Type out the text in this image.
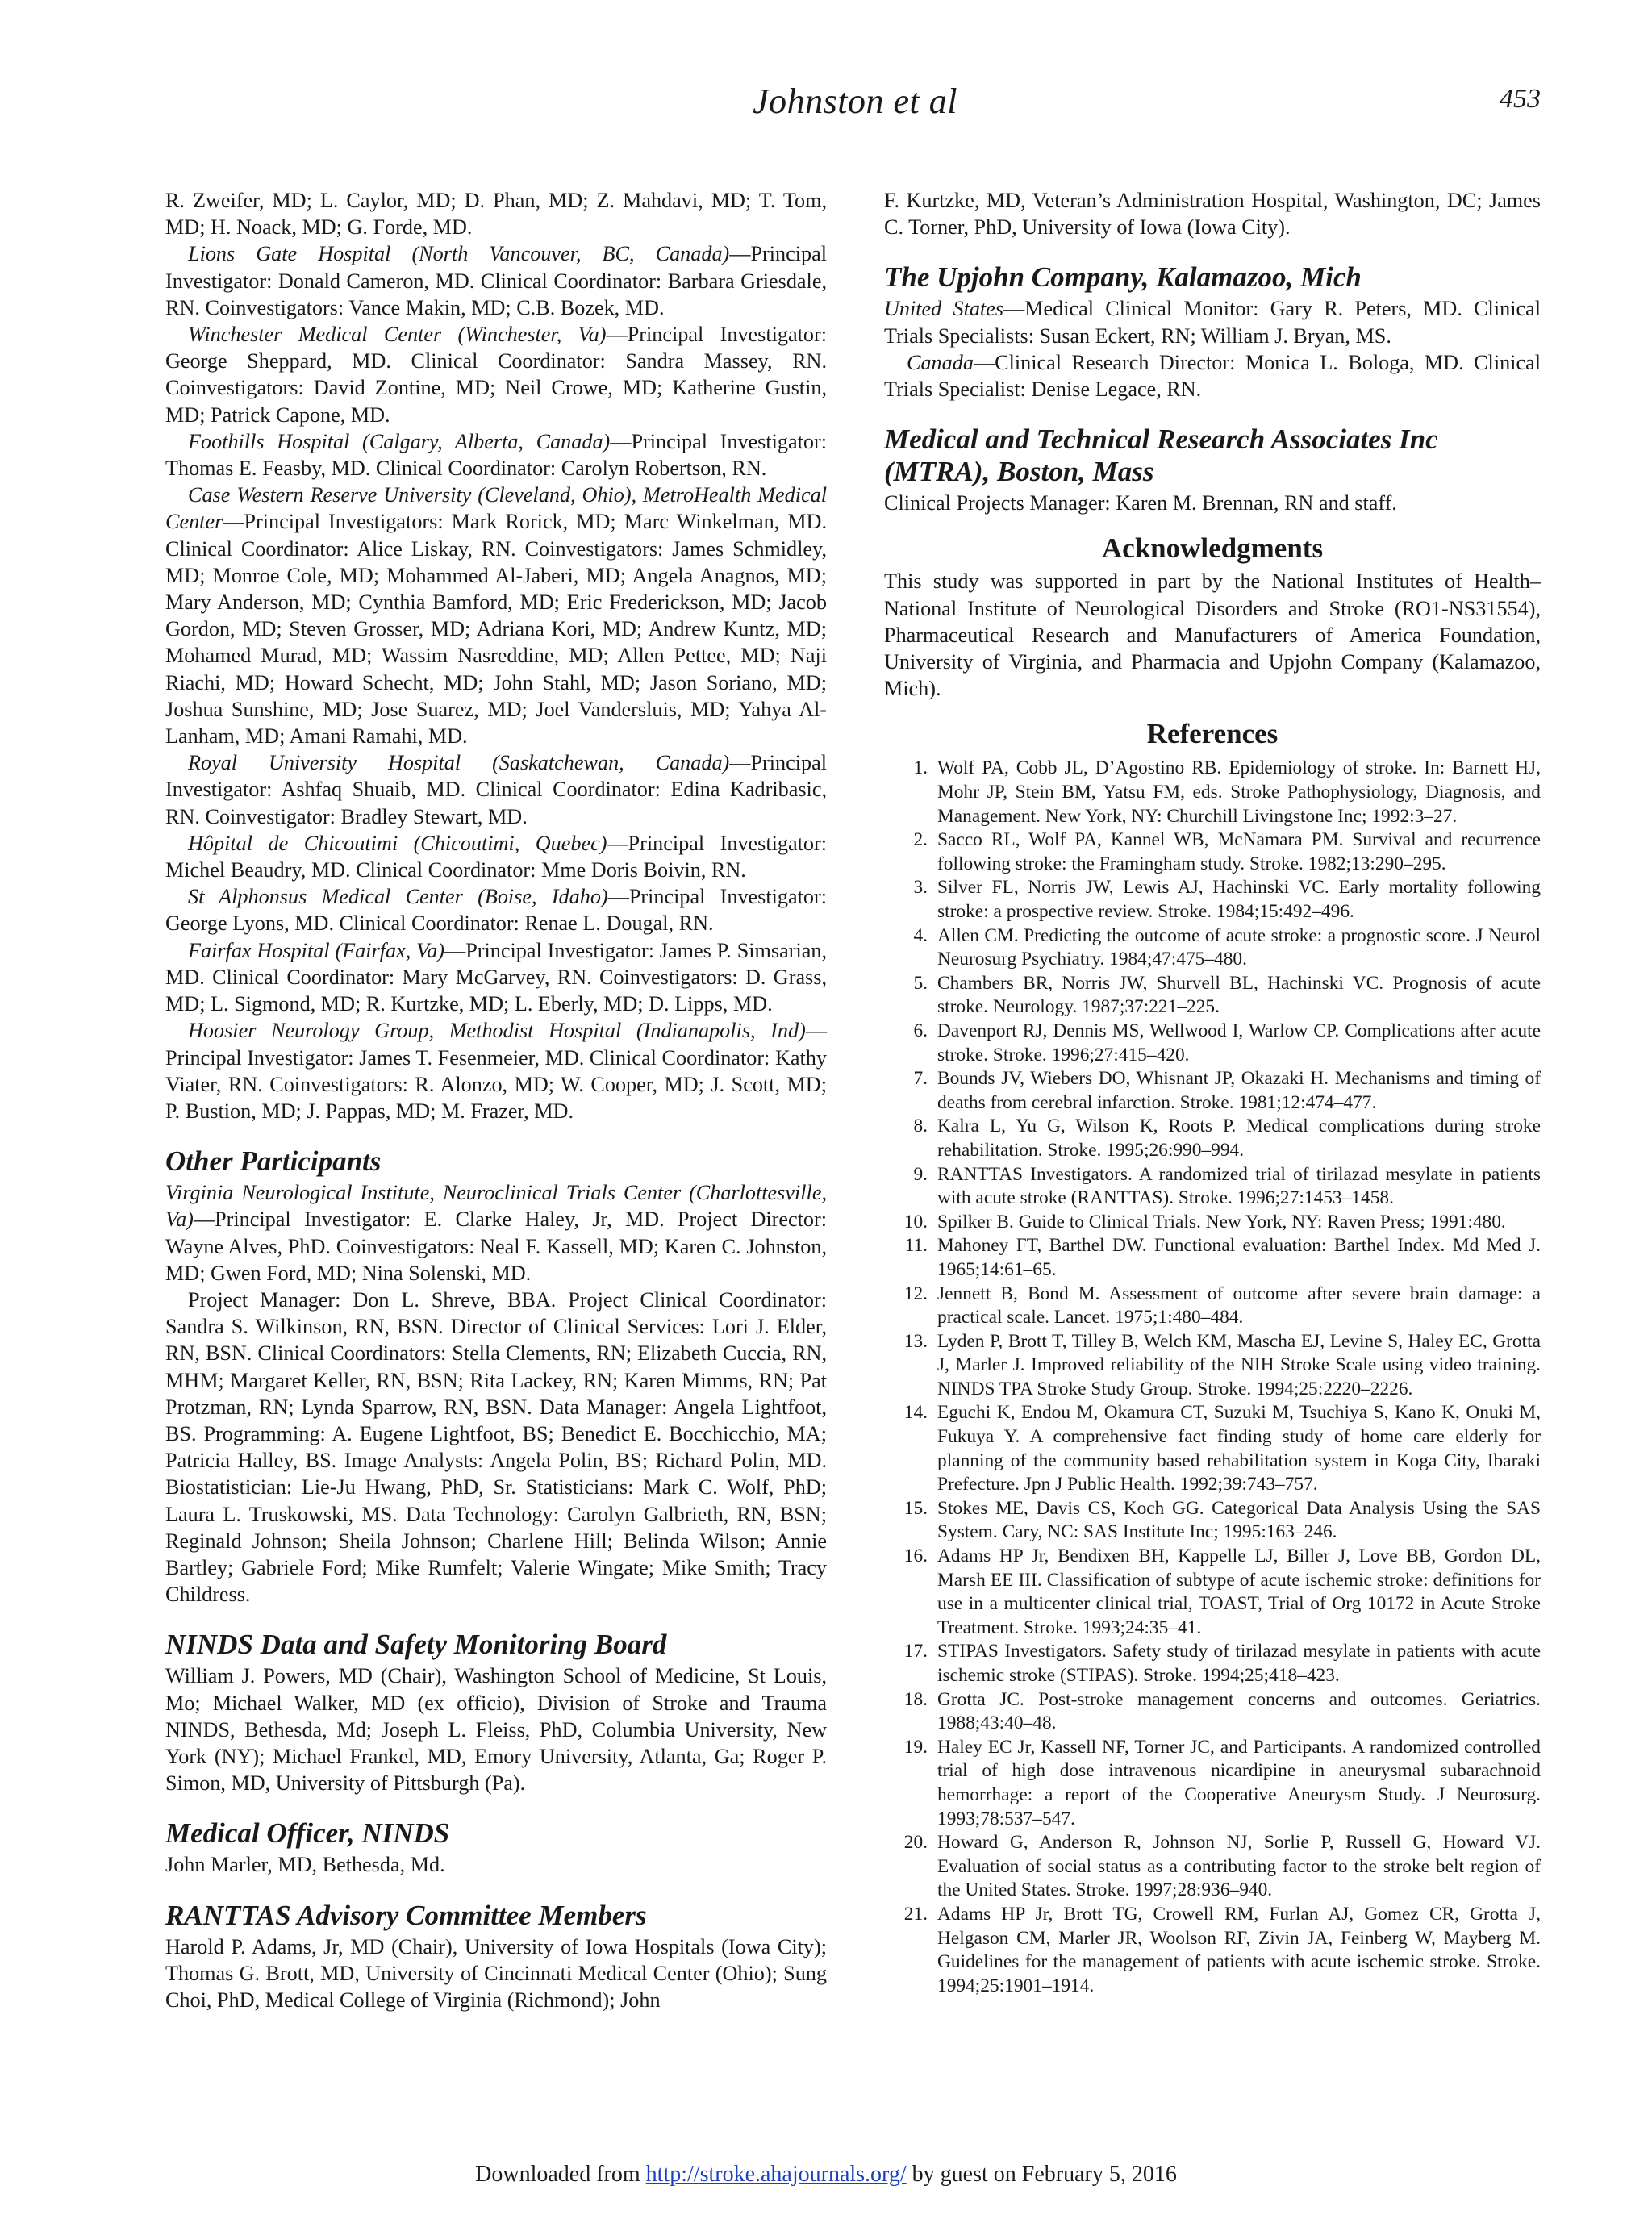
Johnston et al	453

R. Zweifer, MD; L. Caylor, MD; D. Phan, MD; Z. Mahdavi, MD; T. Tom, MD; H. Noack, MD; G. Forde, MD.

Lions Gate Hospital (North Vancouver, BC, Canada)—Principal Investigator: Donald Cameron, MD. Clinical Coordinator: Barbara Griesdale, RN. Coinvestigators: Vance Makin, MD; C.B. Bozek, MD.

Winchester Medical Center (Winchester, Va)—Principal Investigator: George Sheppard, MD. Clinical Coordinator: Sandra Massey, RN. Coinvestigators: David Zontine, MD; Neil Crowe, MD; Katherine Gustin, MD; Patrick Capone, MD.

Foothills Hospital (Calgary, Alberta, Canada)—Principal Investigator: Thomas E. Feasby, MD. Clinical Coordinator: Carolyn Robertson, RN.

Case Western Reserve University (Cleveland, Ohio), MetroHealth Medical Center—Principal Investigators: Mark Rorick, MD; Marc Winkelman, MD. Clinical Coordinator: Alice Liskay, RN. Coinvestigators: James Schmidley, MD; Monroe Cole, MD; Mohammed Al-Jaberi, MD; Angela Anagnos, MD; Mary Anderson, MD; Cynthia Bamford, MD; Eric Frederickson, MD; Jacob Gordon, MD; Steven Grosser, MD; Adriana Kori, MD; Andrew Kuntz, MD; Mohamed Murad, MD; Wassim Nasreddine, MD; Allen Pettee, MD; Naji Riachi, MD; Howard Schecht, MD; John Stahl, MD; Jason Soriano, MD; Joshua Sunshine, MD; Jose Suarez, MD; Joel Vandersluis, MD; Yahya Al-Lanham, MD; Amani Ramahi, MD.

Royal University Hospital (Saskatchewan, Canada)—Principal Investigator: Ashfaq Shuaib, MD. Clinical Coordinator: Edina Kadribasic, RN. Coinvestigator: Bradley Stewart, MD.

Hôpital de Chicoutimi (Chicoutimi, Quebec)—Principal Investigator: Michel Beaudry, MD. Clinical Coordinator: Mme Doris Boivin, RN.

St Alphonsus Medical Center (Boise, Idaho)—Principal Investigator: George Lyons, MD. Clinical Coordinator: Renae L. Dougal, RN.

Fairfax Hospital (Fairfax, Va)—Principal Investigator: James P. Simsarian, MD. Clinical Coordinator: Mary McGarvey, RN. Coinvestigators: D. Grass, MD; L. Sigmond, MD; R. Kurtzke, MD; L. Eberly, MD; D. Lipps, MD.

Hoosier Neurology Group, Methodist Hospital (Indianapolis, Ind)—Principal Investigator: James T. Fesenmeier, MD. Clinical Coordinator: Kathy Viater, RN. Coinvestigators: R. Alonzo, MD; W. Cooper, MD; J. Scott, MD; P. Bustion, MD; J. Pappas, MD; M. Frazer, MD.

Other Participants

Virginia Neurological Institute, Neuroclinical Trials Center (Charlottesville, Va)—Principal Investigator: E. Clarke Haley, Jr, MD. Project Director: Wayne Alves, PhD. Coinvestigators: Neal F. Kassell, MD; Karen C. Johnston, MD; Gwen Ford, MD; Nina Solenski, MD.

Project Manager: Don L. Shreve, BBA. Project Clinical Coordinator: Sandra S. Wilkinson, RN, BSN. Director of Clinical Services: Lori J. Elder, RN, BSN. Clinical Coordinators: Stella Clements, RN; Elizabeth Cuccia, RN, MHM; Margaret Keller, RN, BSN; Rita Lackey, RN; Karen Mimms, RN; Pat Protzman, RN; Lynda Sparrow, RN, BSN. Data Manager: Angela Lightfoot, BS. Programming: A. Eugene Lightfoot, BS; Benedict E. Bocchicchio, MA; Patricia Halley, BS. Image Analysts: Angela Polin, BS; Richard Polin, MD. Biostatistician: Lie-Ju Hwang, PhD, Sr. Statisticians: Mark C. Wolf, PhD; Laura L. Truskowski, MS. Data Technology: Carolyn Galbrieth, RN, BSN; Reginald Johnson; Sheila Johnson; Charlene Hill; Belinda Wilson; Annie Bartley; Gabriele Ford; Mike Rumfelt; Valerie Wingate; Mike Smith; Tracy Childress.

NINDS Data and Safety Monitoring Board

William J. Powers, MD (Chair), Washington School of Medicine, St Louis, Mo; Michael Walker, MD (ex officio), Division of Stroke and Trauma NINDS, Bethesda, Md; Joseph L. Fleiss, PhD, Columbia University, New York (NY); Michael Frankel, MD, Emory University, Atlanta, Ga; Roger P. Simon, MD, University of Pittsburgh (Pa).

Medical Officer, NINDS

John Marler, MD, Bethesda, Md.

RANTTAS Advisory Committee Members

Harold P. Adams, Jr, MD (Chair), University of Iowa Hospitals (Iowa City); Thomas G. Brott, MD, University of Cincinnati Medical Center (Ohio); Sung Choi, PhD, Medical College of Virginia (Richmond); John

F. Kurtzke, MD, Veteran’s Administration Hospital, Washington, DC; James C. Torner, PhD, University of Iowa (Iowa City).

The Upjohn Company, Kalamazoo, Mich

United States—Medical Clinical Monitor: Gary R. Peters, MD. Clinical Trials Specialists: Susan Eckert, RN; William J. Bryan, MS.

Canada—Clinical Research Director: Monica L. Bologa, MD. Clinical Trials Specialist: Denise Legace, RN.

Medical and Technical Research Associates Inc (MTRA), Boston, Mass

Clinical Projects Manager: Karen M. Brennan, RN and staff.

Acknowledgments

This study was supported in part by the National Institutes of Health–National Institute of Neurological Disorders and Stroke (RO1-NS31554), Pharmaceutical Research and Manufacturers of America Foundation, University of Virginia, and Pharmacia and Upjohn Company (Kalamazoo, Mich).

References
1. Wolf PA, Cobb JL, D’Agostino RB. Epidemiology of stroke. In: Barnett HJ, Mohr JP, Stein BM, Yatsu FM, eds. Stroke Pathophysiology, Diagnosis, and Management. New York, NY: Churchill Livingstone Inc; 1992:3–27.
2. Sacco RL, Wolf PA, Kannel WB, McNamara PM. Survival and recurrence following stroke: the Framingham study. Stroke. 1982;13:290–295.
3. Silver FL, Norris JW, Lewis AJ, Hachinski VC. Early mortality following stroke: a prospective review. Stroke. 1984;15:492–496.
4. Allen CM. Predicting the outcome of acute stroke: a prognostic score. J Neurol Neurosurg Psychiatry. 1984;47:475–480.
5. Chambers BR, Norris JW, Shurvell BL, Hachinski VC. Prognosis of acute stroke. Neurology. 1987;37:221–225.
6. Davenport RJ, Dennis MS, Wellwood I, Warlow CP. Complications after acute stroke. Stroke. 1996;27:415–420.
7. Bounds JV, Wiebers DO, Whisnant JP, Okazaki H. Mechanisms and timing of deaths from cerebral infarction. Stroke. 1981;12:474–477.
8. Kalra L, Yu G, Wilson K, Roots P. Medical complications during stroke rehabilitation. Stroke. 1995;26:990–994.
9. RANTTAS Investigators. A randomized trial of tirilazad mesylate in patients with acute stroke (RANTTAS). Stroke. 1996;27:1453–1458.
10. Spilker B. Guide to Clinical Trials. New York, NY: Raven Press; 1991:480.
11. Mahoney FT, Barthel DW. Functional evaluation: Barthel Index. Md Med J. 1965;14:61–65.
12. Jennett B, Bond M. Assessment of outcome after severe brain damage: a practical scale. Lancet. 1975;1:480–484.
13. Lyden P, Brott T, Tilley B, Welch KM, Mascha EJ, Levine S, Haley EC, Grotta J, Marler J. Improved reliability of the NIH Stroke Scale using video training. NINDS TPA Stroke Study Group. Stroke. 1994;25:2220–2226.
14. Eguchi K, Endou M, Okamura CT, Suzuki M, Tsuchiya S, Kano K, Onuki M, Fukuya Y. A comprehensive fact finding study of home care elderly for planning of the community based rehabilitation system in Koga City, Ibaraki Prefecture. Jpn J Public Health. 1992;39:743–757.
15. Stokes ME, Davis CS, Koch GG. Categorical Data Analysis Using the SAS System. Cary, NC: SAS Institute Inc; 1995:163–246.
16. Adams HP Jr, Bendixen BH, Kappelle LJ, Biller J, Love BB, Gordon DL, Marsh EE III. Classification of subtype of acute ischemic stroke: definitions for use in a multicenter clinical trial, TOAST, Trial of Org 10172 in Acute Stroke Treatment. Stroke. 1993;24:35–41.
17. STIPAS Investigators. Safety study of tirilazad mesylate in patients with acute ischemic stroke (STIPAS). Stroke. 1994;25;418–423.
18. Grotta JC. Post-stroke management concerns and outcomes. Geriatrics. 1988;43:40–48.
19. Haley EC Jr, Kassell NF, Torner JC, and Participants. A randomized controlled trial of high dose intravenous nicardipine in aneurysmal subarachnoid hemorrhage: a report of the Cooperative Aneurysm Study. J Neurosurg. 1993;78:537–547.
20. Howard G, Anderson R, Johnson NJ, Sorlie P, Russell G, Howard VJ. Evaluation of social status as a contributing factor to the stroke belt region of the United States. Stroke. 1997;28:936–940.
21. Adams HP Jr, Brott TG, Crowell RM, Furlan AJ, Gomez CR, Grotta J, Helgason CM, Marler JR, Woolson RF, Zivin JA, Feinberg W, Mayberg M. Guidelines for the management of patients with acute ischemic stroke. Stroke. 1994;25:1901–1914.
Downloaded from http://stroke.ahajournals.org/ by guest on February 5, 2016
